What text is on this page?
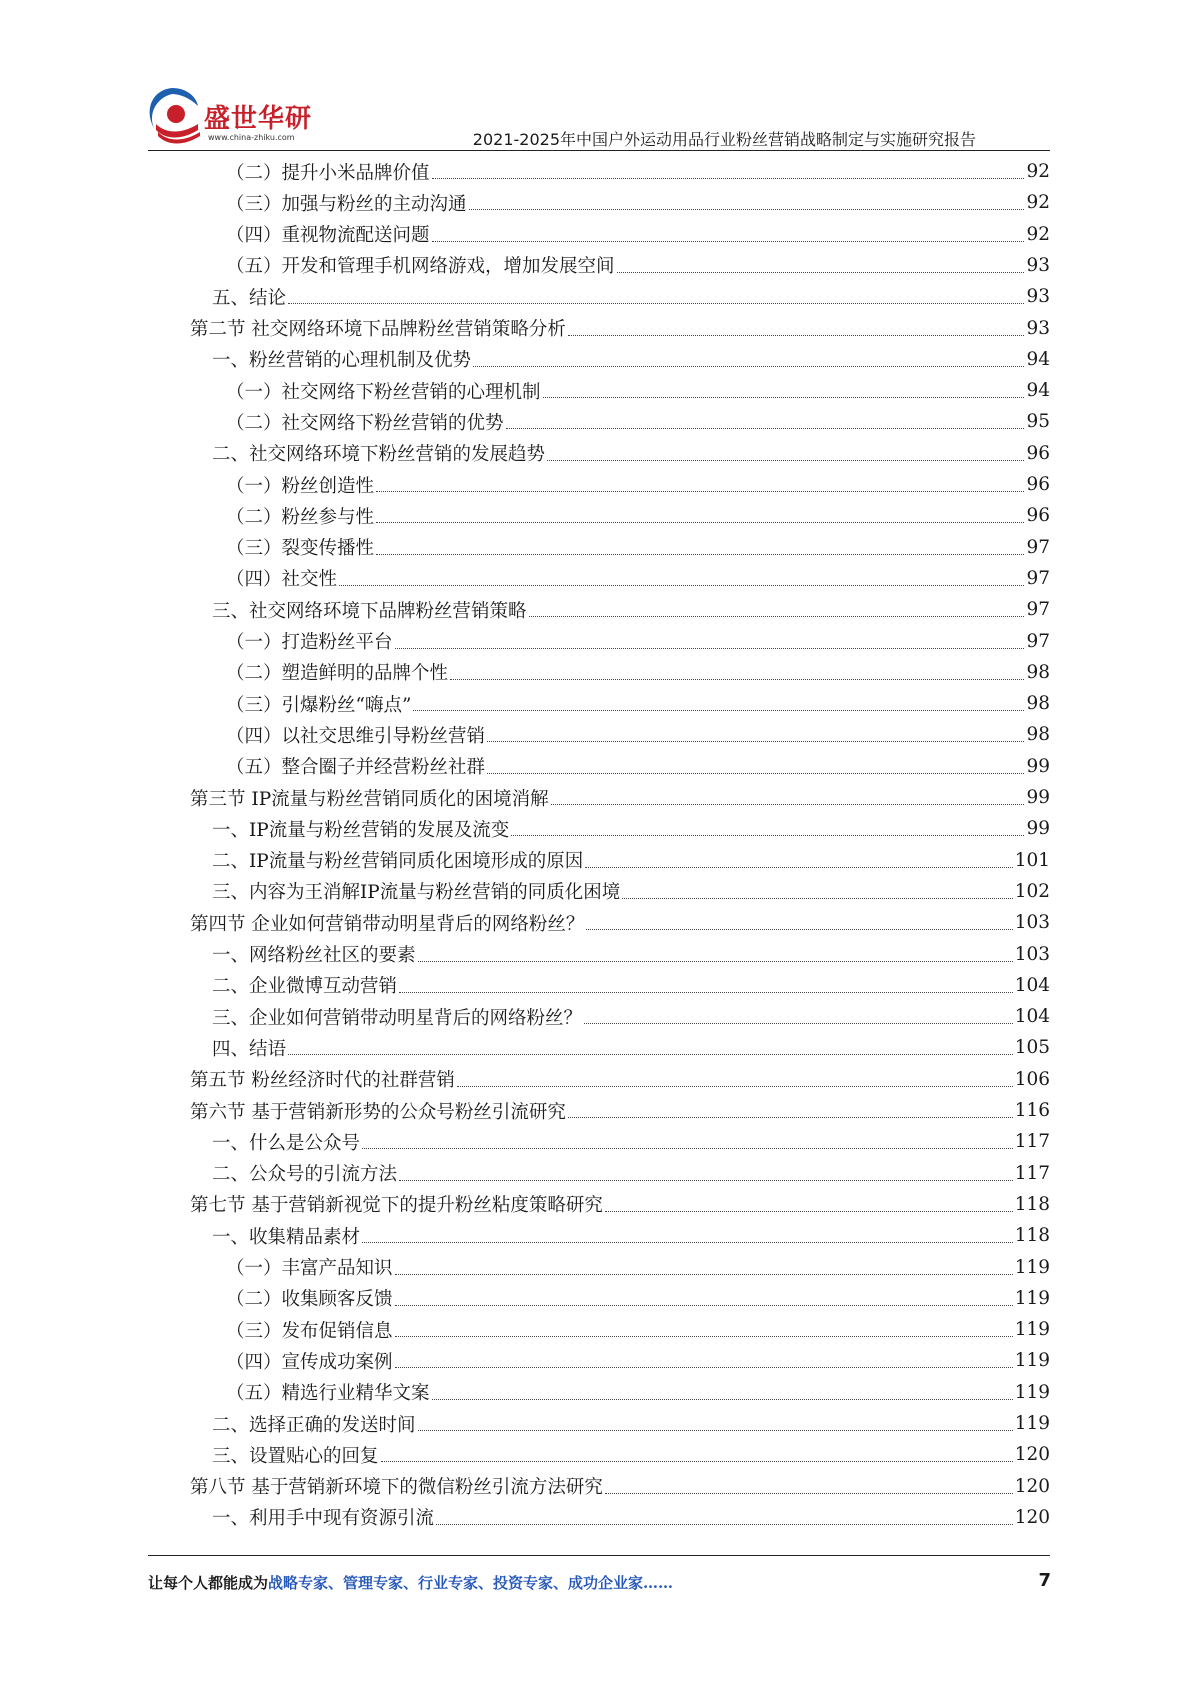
盛世华研
www.china-zhiku.com	2021-2025年中国户外运动用品行业粉丝营销战略制定与实施研究报告
（二）提升小米品牌价值	92
（三）加强与粉丝的主动沟通	92
（四）重视物流配送问题	92
（五）开发和管理手机网络游戏，增加发展空间	93
五、结论	93
第二节 社交网络环境下品牌粉丝营销策略分析	93
一、粉丝营销的心理机制及优势	94
（一）社交网络下粉丝营销的心理机制	94
（二）社交网络下粉丝营销的优势	95
二、社交网络环境下粉丝营销的发展趋势	96
（一）粉丝创造性	96
（二）粉丝参与性	96
（三）裂变传播性	97
（四）社交性	97
三、社交网络环境下品牌粉丝营销策略	97
（一）打造粉丝平台	97
（二）塑造鲜明的品牌个性	98
（三）引爆粉丝“嗨点”	98
（四）以社交思维引导粉丝营销	98
（五）整合圈子并经营粉丝社群	99
第三节 IP流量与粉丝营销同质化的困境消解	99
一、IP流量与粉丝营销的发展及流变	99
二、IP流量与粉丝营销同质化困境形成的原因	101
三、内容为王消解IP流量与粉丝营销的同质化困境	102
第四节 企业如何营销带动明星背后的网络粉丝？	103
一、网络粉丝社区的要素	103
二、企业微博互动营销	104
三、企业如何营销带动明星背后的网络粉丝？	104
四、结语	105
第五节 粉丝经济时代的社群营销	106
第六节 基于营销新形势的公众号粉丝引流研究	116
一、什么是公众号	117
二、公众号的引流方法	117
第七节 基于营销新视觉下的提升粉丝粘度策略研究	118
一、收集精品素材	118
（一）丰富产品知识	119
（二）收集顾客反馈	119
（三）发布促销信息	119
（四）宣传成功案例	119
（五）精选行业精华文案	119
二、选择正确的发送时间	119
三、设置贴心的回复	120
第八节 基于营销新环境下的微信粉丝引流方法研究	120
一、利用手中现有资源引流	120
让每个人都能成为战略专家、管理专家、行业专家、投资专家、成功企业家……	7
